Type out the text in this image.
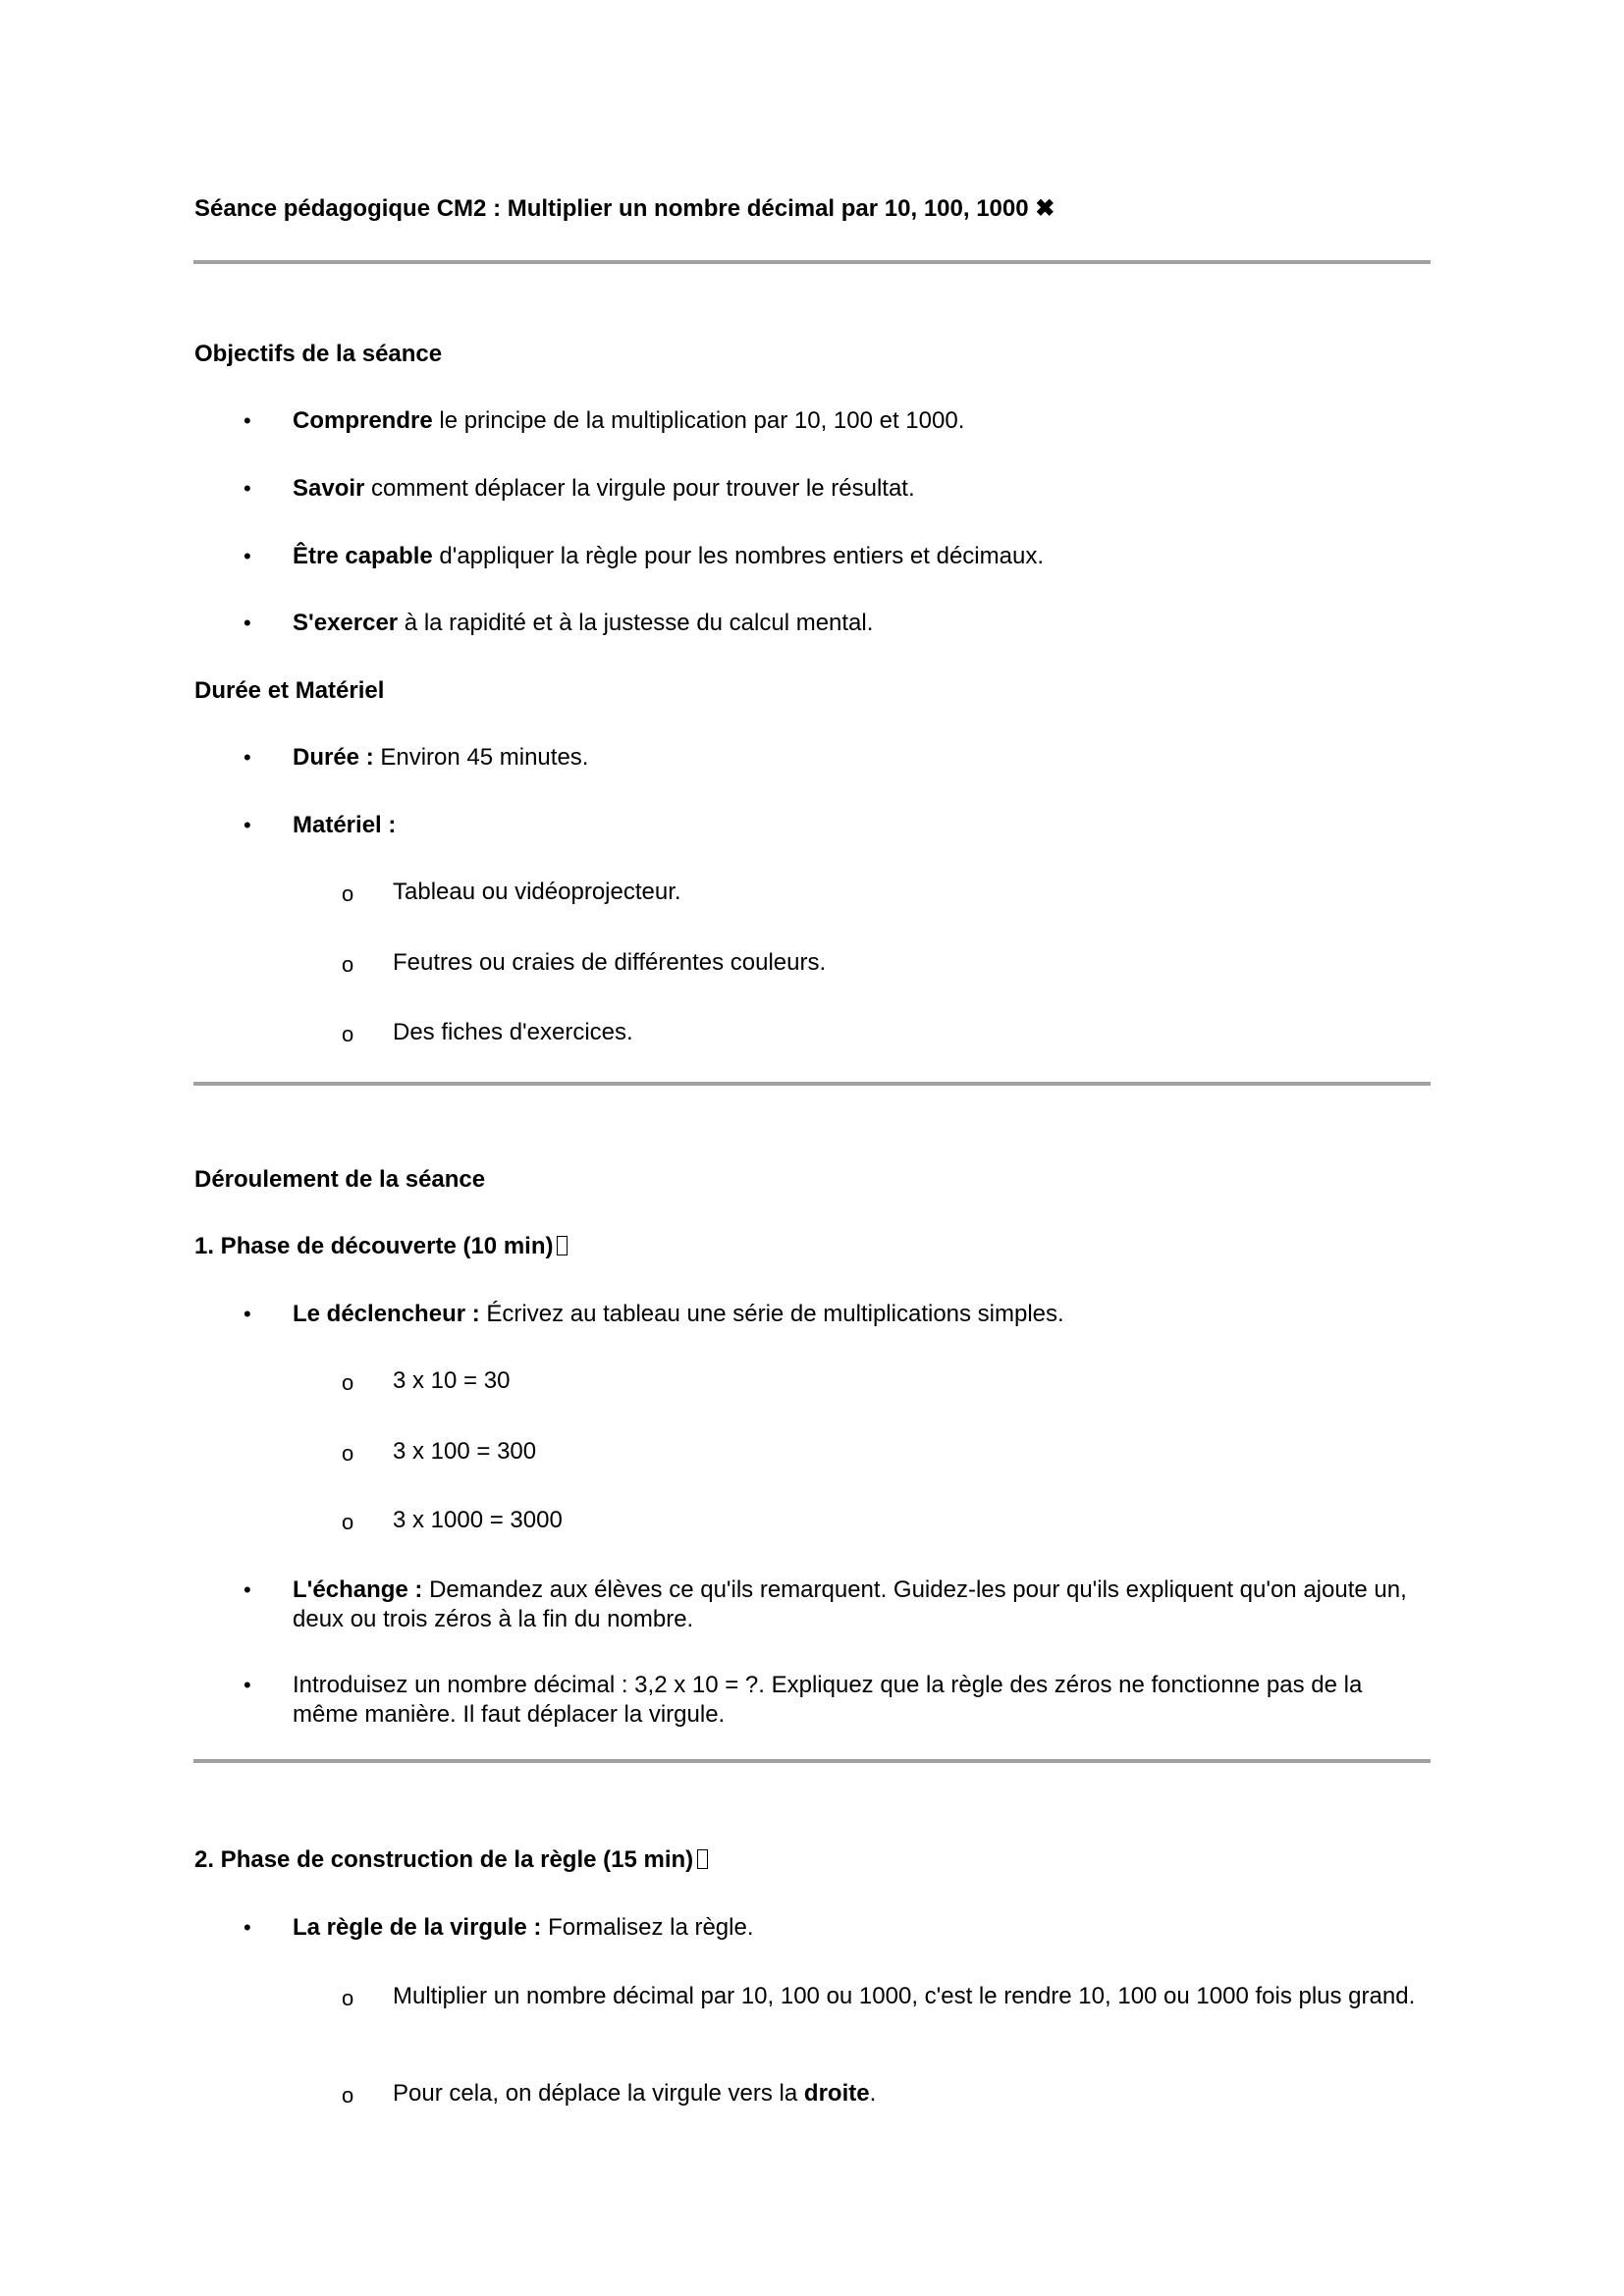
Séance pédagogique CM2 : Multiplier un nombre décimal par 10, 100, 1000 ✖
Objectifs de la séance
• Comprendre le principe de la multiplication par 10, 100 et 1000.
• Savoir comment déplacer la virgule pour trouver le résultat.
• Être capable d'appliquer la règle pour les nombres entiers et décimaux.
• S'exercer à la rapidité et à la justesse du calcul mental.
Durée et Matériel
• Durée : Environ 45 minutes.
• Matériel :
o Tableau ou vidéoprojecteur.
o Feutres ou craies de différentes couleurs.
o Des fiches d'exercices.
Déroulement de la séance
1. Phase de découverte (10 min)
• Le déclencheur : Écrivez au tableau une série de multiplications simples.
o 3 x 10 = 30
o 3 x 100 = 300
o 3 x 1000 = 3000
• L'échange : Demandez aux élèves ce qu'ils remarquent. Guidez-les pour qu'ils expliquent qu'on ajoute un, deux ou trois zéros à la fin du nombre.
• Introduisez un nombre décimal : 3,2 x 10 = ?. Expliquez que la règle des zéros ne fonctionne pas de la même manière. Il faut déplacer la virgule.
2. Phase de construction de la règle (15 min)
• La règle de la virgule : Formalisez la règle.
o Multiplier un nombre décimal par 10, 100 ou 1000, c'est le rendre 10, 100 ou 1000 fois plus grand.
o Pour cela, on déplace la virgule vers la droite.
